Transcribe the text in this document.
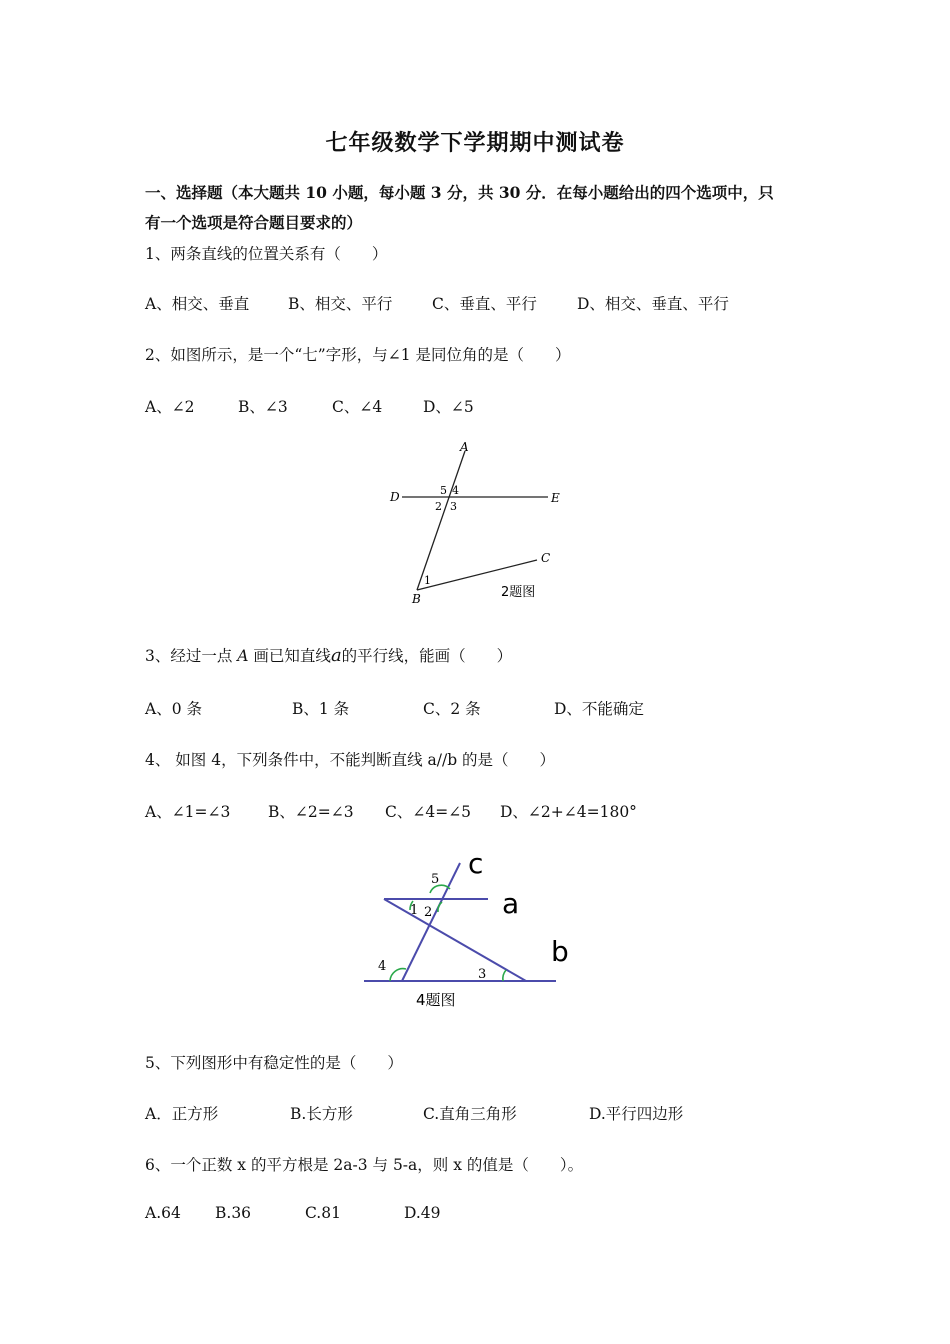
七年级数学下学期期中测试卷
一、选择题（本大题共 10 小题，每小题 3 分，共 30 分．在每小题给出的四个选项中，只
有一个选项是符合题目要求的）
1、两条直线的位置关系有（　　）
A、相交、垂直	B、相交、平行	C、垂直、平行	D、相交、垂直、平行
2、如图所示，是一个“七”字形，与∠1 是同位角的是（　　）
A、∠2	B、∠3	C、∠4	D、∠5
A
D	E
C
B
5 4
2 3
1
2题图
3、经过一点 A 画已知直线a的平行线，能画（　　）
A、0 条	B、1 条	C、2 条	D、不能确定
4、 如图 4，下列条件中，不能判断直线 a//b 的是（　　）
A、∠1=∠3 B、∠2=∠3 C、∠4=∠5 D、∠2+∠4=180°
c
a
b
5
1 2
4
3
4题图
5、下列图形中有稳定性的是（　　）
A．正方形	B.长方形	C.直角三角形	D.平行四边形
6、一个正数 x 的平方根是 2a-3 与 5-a，则 x 的值是（　　）。
A.64 B.36	C.81	D.49
